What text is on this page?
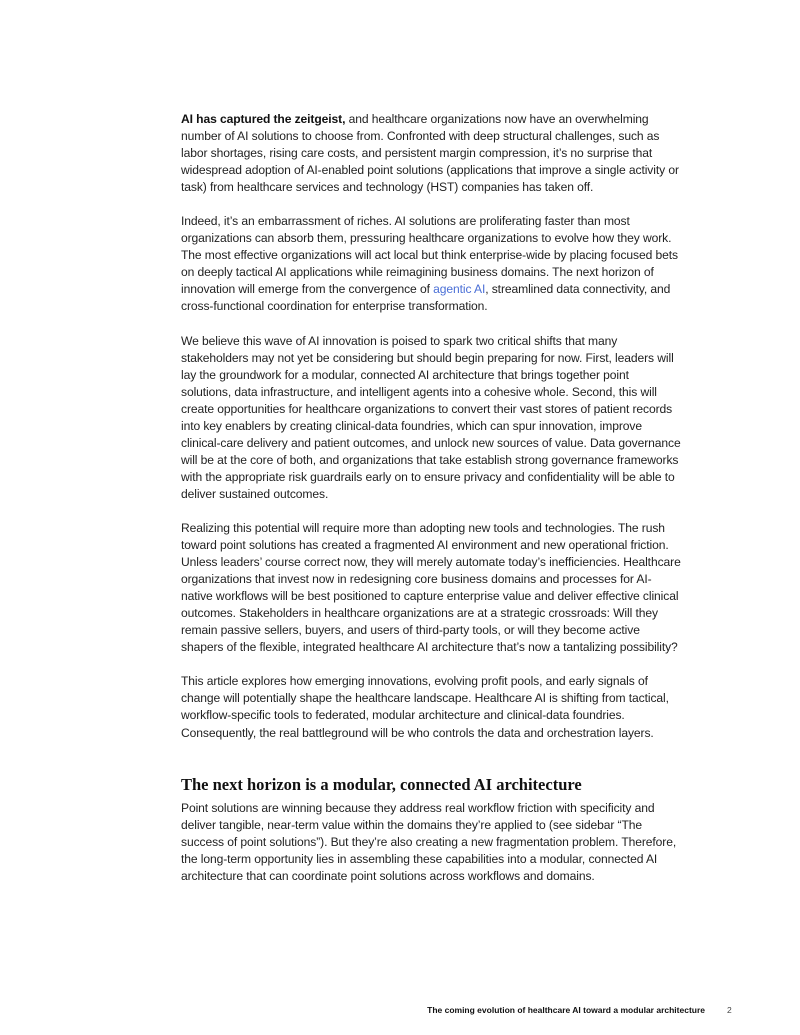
AI has captured the zeitgeist, and healthcare organizations now have an overwhelming number of AI solutions to choose from. Confronted with deep structural challenges, such as labor shortages, rising care costs, and persistent margin compression, it’s no surprise that widespread adoption of AI-enabled point solutions (applications that improve a single activity or task) from healthcare services and technology (HST) companies has taken off.

Indeed, it’s an embarrassment of riches. AI solutions are proliferating faster than most organizations can absorb them, pressuring healthcare organizations to evolve how they work. The most effective organizations will act local but think enterprise-wide by placing focused bets on deeply tactical AI applications while reimagining business domains. The next horizon of innovation will emerge from the convergence of agentic AI, streamlined data connectivity, and cross-functional coordination for enterprise transformation.

We believe this wave of AI innovation is poised to spark two critical shifts that many stakeholders may not yet be considering but should begin preparing for now. First, leaders will lay the groundwork for a modular, connected AI architecture that brings together point solutions, data infrastructure, and intelligent agents into a cohesive whole. Second, this will create opportunities for healthcare organizations to convert their vast stores of patient records into key enablers by creating clinical-data foundries, which can spur innovation, improve clinical-care delivery and patient outcomes, and unlock new sources of value. Data governance will be at the core of both, and organizations that take establish strong governance frameworks with the appropriate risk guardrails early on to ensure privacy and confidentiality will be able to deliver sustained outcomes.

Realizing this potential will require more than adopting new tools and technologies. The rush toward point solutions has created a fragmented AI environment and new operational friction. Unless leaders’ course correct now, they will merely automate today’s inefficiencies. Healthcare organizations that invest now in redesigning core business domains and processes for AI-native workflows will be best positioned to capture enterprise value and deliver effective clinical outcomes. Stakeholders in healthcare organizations are at a strategic crossroads: Will they remain passive sellers, buyers, and users of third-party tools, or will they become active shapers of the flexible, integrated healthcare AI architecture that’s now a tantalizing possibility?

This article explores how emerging innovations, evolving profit pools, and early signals of change will potentially shape the healthcare landscape. Healthcare AI is shifting from tactical, workflow-specific tools to federated, modular architecture and clinical-data foundries. Consequently, the real battleground will be who controls the data and orchestration layers.

The next horizon is a modular, connected AI architecture

Point solutions are winning because they address real workflow friction with specificity and deliver tangible, near-term value within the domains they’re applied to (see sidebar “The success of point solutions”). But they’re also creating a new fragmentation problem. Therefore, the long-term opportunity lies in assembling these capabilities into a modular, connected AI architecture that can coordinate point solutions across workflows and domains.

The coming evolution of healthcare AI toward a modular architecture	2
